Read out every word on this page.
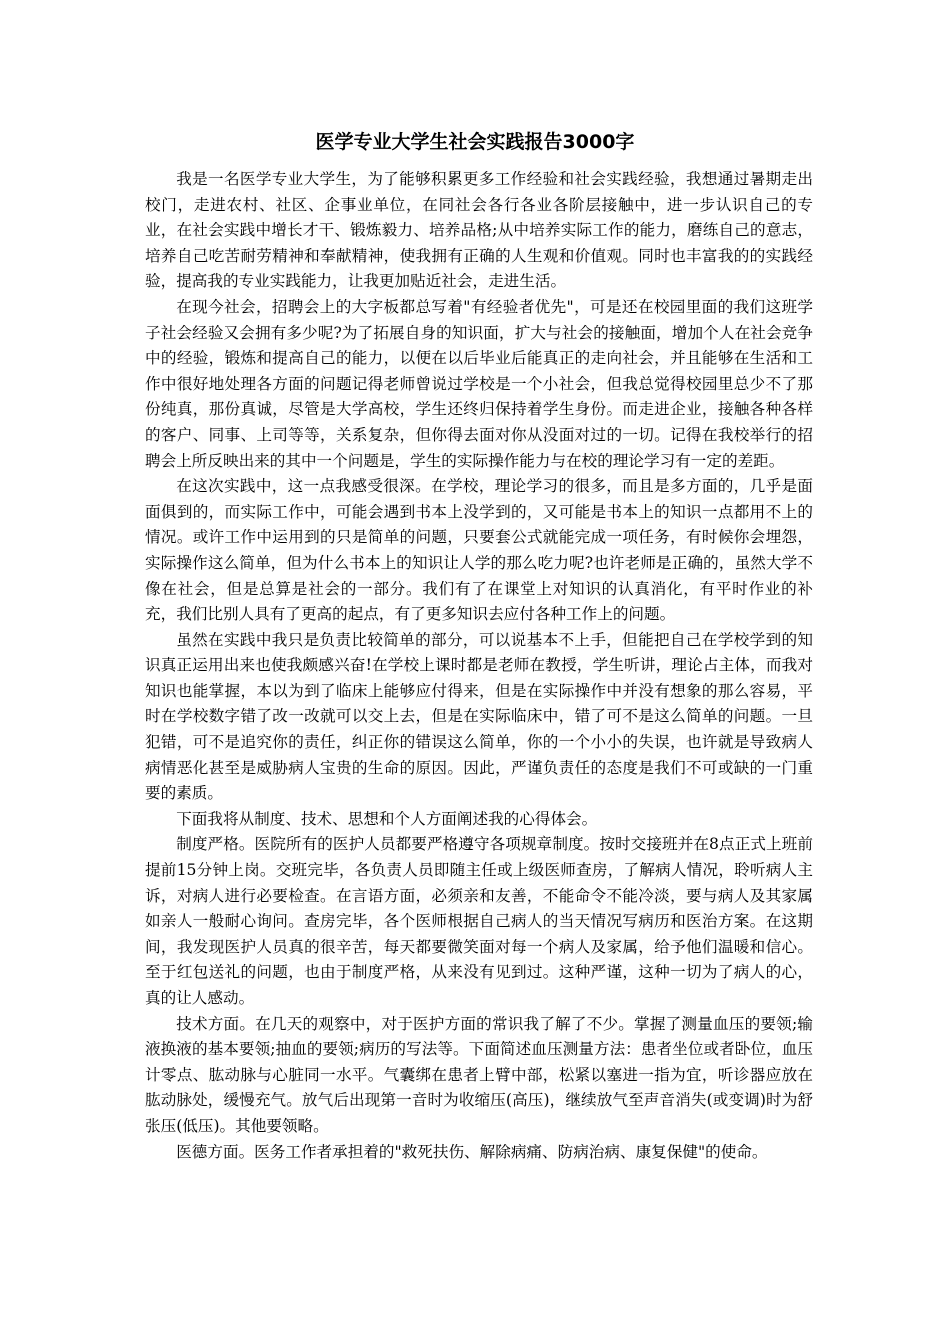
医学专业大学生社会实践报告3000字

我是一名医学专业大学生，为了能够积累更多工作经验和社会实践经验，我想通过暑期走出校门，走进农村、社区、企事业单位，在同社会各行各业各阶层接触中，进一步认识自己的专业，在社会实践中增长才干、锻炼毅力、培养品格;从中培养实际工作的能力，磨练自己的意志，培养自己吃苦耐劳精神和奉献精神，使我拥有正确的人生观和价值观。同时也丰富我的的实践经验，提高我的专业实践能力，让我更加贴近社会，走进生活。

在现今社会，招聘会上的大字板都总写着"有经验者优先"，可是还在校园里面的我们这班学子社会经验又会拥有多少呢?为了拓展自身的知识面，扩大与社会的接触面，增加个人在社会竞争中的经验，锻炼和提高自己的能力，以便在以后毕业后能真正的走向社会，并且能够在生活和工作中很好地处理各方面的问题记得老师曾说过学校是一个小社会，但我总觉得校园里总少不了那份纯真，那份真诚，尽管是大学高校，学生还终归保持着学生身份。而走进企业，接触各种各样的客户、同事、上司等等，关系复杂，但你得去面对你从没面对过的一切。记得在我校举行的招聘会上所反映出来的其中一个问题是，学生的实际操作能力与在校的理论学习有一定的差距。

在这次实践中，这一点我感受很深。在学校，理论学习的很多，而且是多方面的，几乎是面面俱到的，而实际工作中，可能会遇到书本上没学到的，又可能是书本上的知识一点都用不上的情况。或许工作中运用到的只是简单的问题，只要套公式就能完成一项任务，有时候你会埋怨，实际操作这么简单，但为什么书本上的知识让人学的那么吃力呢?也许老师是正确的，虽然大学不像在社会，但是总算是社会的一部分。我们有了在课堂上对知识的认真消化，有平时作业的补充，我们比别人具有了更高的起点，有了更多知识去应付各种工作上的问题。

虽然在实践中我只是负责比较简单的部分，可以说基本不上手，但能把自己在学校学到的知识真正运用出来也使我颇感兴奋!在学校上课时都是老师在教授，学生听讲，理论占主体，而我对知识也能掌握，本以为到了临床上能够应付得来，但是在实际操作中并没有想象的那么容易，平时在学校数字错了改一改就可以交上去，但是在实际临床中，错了可不是这么简单的问题。一旦犯错，可不是追究你的责任，纠正你的错误这么简单，你的一个小小的失误，也许就是导致病人病情恶化甚至是威胁病人宝贵的生命的原因。因此，严谨负责任的态度是我们不可或缺的一门重要的素质。

下面我将从制度、技术、思想和个人方面阐述我的心得体会。

制度严格。医院所有的医护人员都要严格遵守各项规章制度。按时交接班并在8点正式上班前提前15分钟上岗。交班完毕，各负责人员即随主任或上级医师查房，了解病人情况，聆听病人主诉，对病人进行必要检查。在言语方面，必须亲和友善，不能命令不能冷淡，要与病人及其家属如亲人一般耐心询问。查房完毕，各个医师根据自己病人的当天情况写病历和医治方案。在这期间，我发现医护人员真的很辛苦，每天都要微笑面对每一个病人及家属，给予他们温暖和信心。至于红包送礼的问题，也由于制度严格，从来没有见到过。这种严谨，这种一切为了病人的心，真的让人感动。

技术方面。在几天的观察中，对于医护方面的常识我了解了不少。掌握了测量血压的要领;输液换液的基本要领;抽血的要领;病历的写法等。下面简述血压测量方法：患者坐位或者卧位，血压计零点、肱动脉与心脏同一水平。气囊绑在患者上臂中部，松紧以塞进一指为宜，听诊器应放在肱动脉处，缓慢充气。放气后出现第一音时为收缩压(高压)，继续放气至声音消失(或变调)时为舒张压(低压)。其他要领略。

医德方面。医务工作者承担着的"救死扶伤、解除病痛、防病治病、康复保健"的使命。
